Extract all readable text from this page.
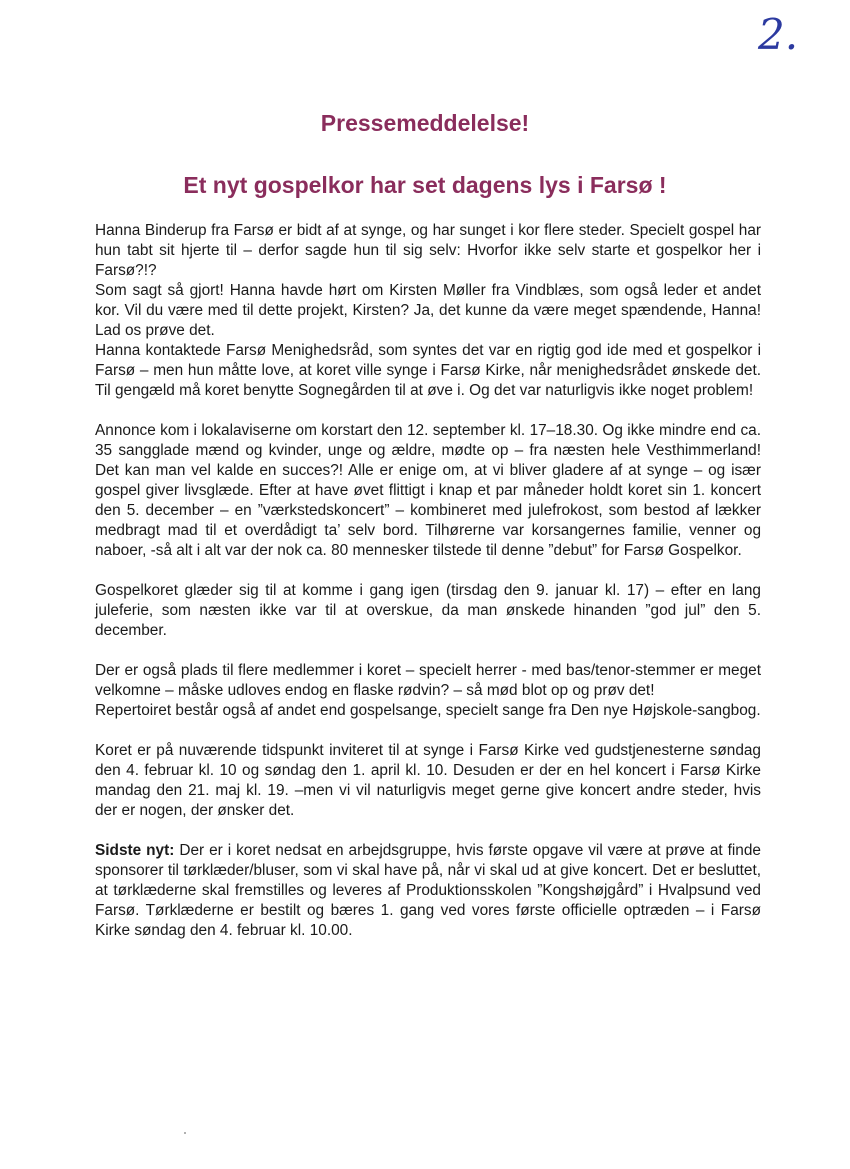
2.
Pressemeddelelse!
Et nyt gospelkor har set dagens lys i Farsø !

Hanna Binderup fra Farsø er bidt af at synge, og har sunget i kor flere steder. Specielt gospel har hun tabt sit hjerte til – derfor sagde hun til sig selv: Hvorfor ikke selv starte et gospelkor her i Farsø?!?
Som sagt så gjort! Hanna havde hørt om Kirsten Møller fra Vindblæs, som også leder et andet kor. Vil du være med til dette projekt, Kirsten? Ja, det kunne da være meget spændende, Hanna! Lad os prøve det.
Hanna kontaktede Farsø Menighedsråd, som syntes det var en rigtig god ide med et gospelkor i Farsø – men hun måtte love, at koret ville synge i Farsø Kirke, når menighedsrådet ønskede det. Til gengæld må koret benytte Sognegården til at øve i. Og det var naturligvis ikke noget problem!

Annonce kom i lokalaviserne om korstart den 12. september kl. 17–18.30. Og ikke mindre end ca. 35 sangglade mænd og kvinder, unge og ældre, mødte op – fra næsten hele Vesthimmerland! Det kan man vel kalde en succes?! Alle er enige om, at vi bliver gladere af at synge – og især gospel giver livsglæde. Efter at have øvet flittigt i knap et par måneder holdt koret sin 1. koncert den 5. december – en ”værkstedskoncert” – kombineret med julefrokost, som bestod af lækker medbragt mad til et overdådigt ta’ selv bord. Tilhørerne var korsangernes familie, venner og naboer, -så alt i alt var der nok ca. 80 mennesker tilstede til denne ”debut” for Farsø Gospelkor.

Gospelkoret glæder sig til at komme i gang igen (tirsdag den 9. januar kl. 17) – efter en lang juleferie, som næsten ikke var til at overskue, da man ønskede hinanden ”god jul” den 5. december.

Der er også plads til flere medlemmer i koret – specielt herrer - med bas/tenor-stemmer er meget velkomne – måske udloves endog en flaske rødvin? – så mød blot op og prøv det!
Repertoiret består også af andet end gospelsange, specielt sange fra Den nye Højskole-sangbog.

Koret er på nuværende tidspunkt inviteret til at synge i Farsø Kirke ved gudstjenesterne søndag den 4. februar kl. 10 og søndag den 1. april kl. 10. Desuden er der en hel koncert i Farsø Kirke mandag den 21. maj kl. 19. –men vi vil naturligvis meget gerne give koncert andre steder, hvis der er nogen, der ønsker det.

Sidste nyt: Der er i koret nedsat en arbejdsgruppe, hvis første opgave vil være at prøve at finde sponsorer til tørklæder/bluser, som vi skal have på, når vi skal ud at give koncert. Det er besluttet, at tørklæderne skal fremstilles og leveres af Produktionsskolen ”Kongshøjgård” i Hvalpsund ved Farsø. Tørklæderne er bestilt og bæres 1. gang ved vores første officielle optræden – i Farsø Kirke søndag den 4. februar kl. 10.00.
